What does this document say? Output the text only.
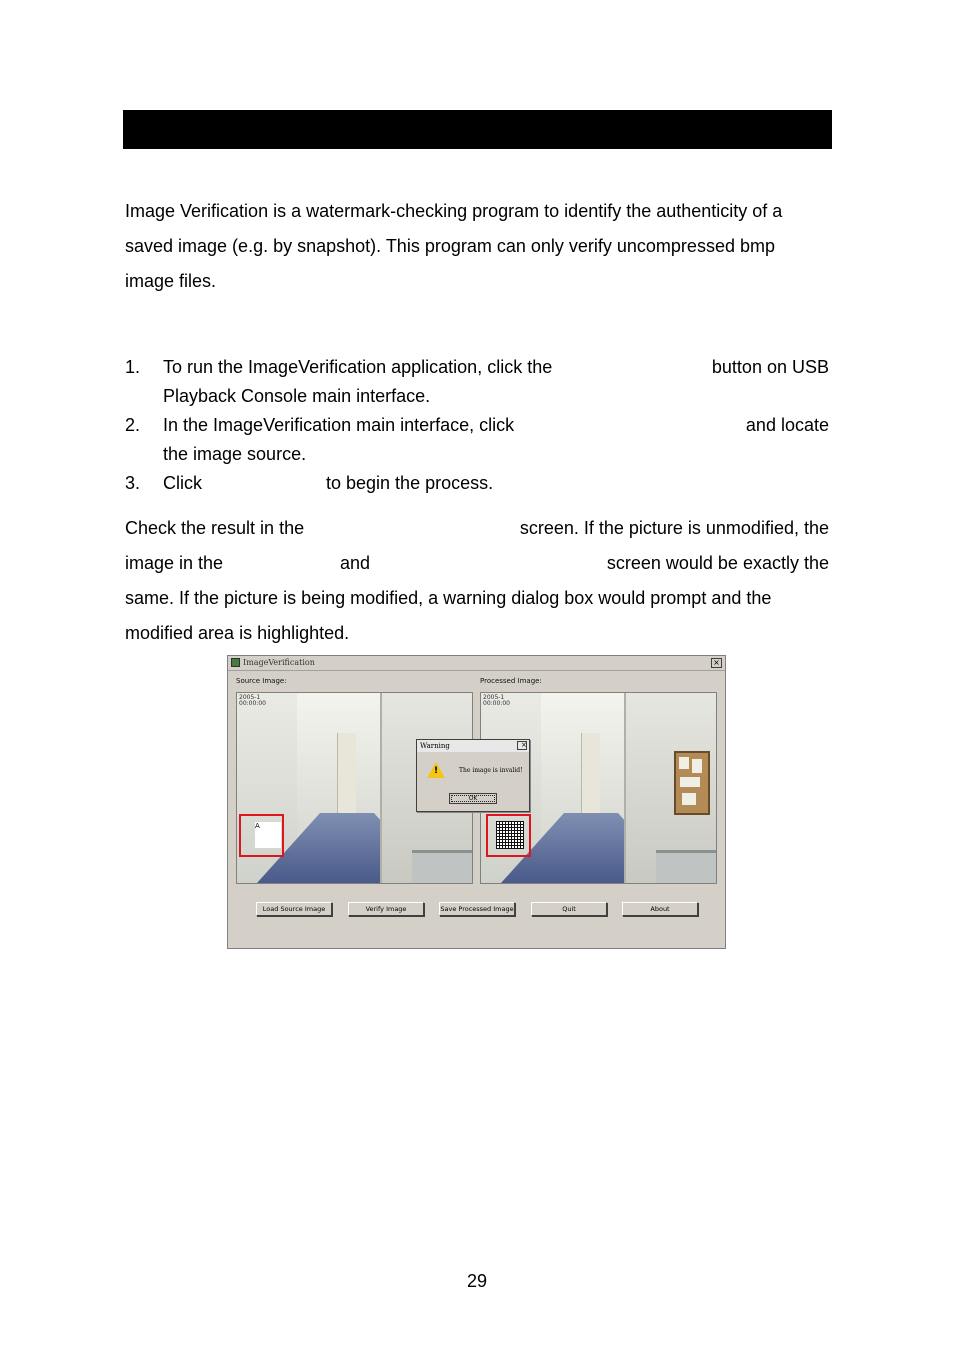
Image Verification is a watermark-checking program to identify the authenticity of a
saved image (e.g. by snapshot). This program can only verify uncompressed bmp
image files.
1. To run the ImageVerification application, click the	button on USB
Playback Console main interface.
2. In the ImageVerification main interface, click	and locate
the image source.
3. Click	to begin the process.
Check the result in the	screen. If the picture is unmodified, the
image in the	and	screen would be exactly the
same. If the picture is being modified, a warning dialog box would prompt and the
modified area is highlighted.
ImageVerification	×
Source Image:	Processed Image:
2005-1
00:00:00
2005-1
00:00:00
A
Warning	×
!	The image is invalid!
OK
Load Source Image	Verify Image	Save Processed Image	Quit	About
29
